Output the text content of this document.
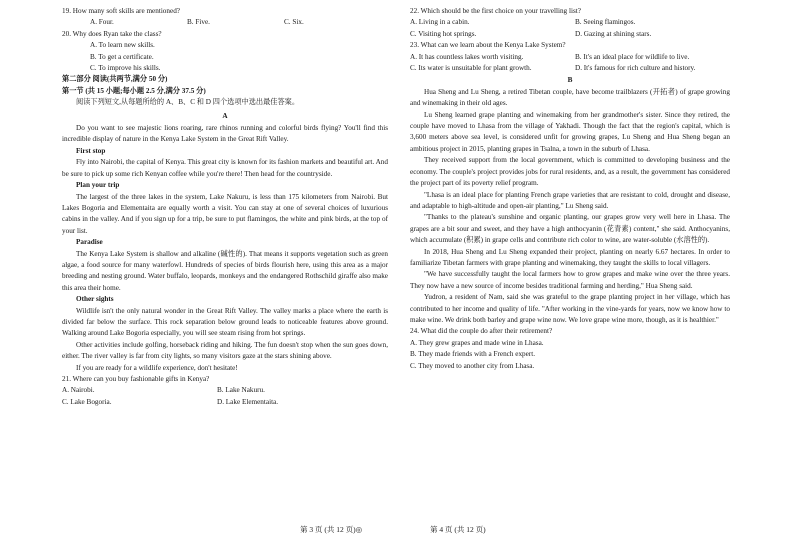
19. How many soft skills are mentioned?
A. Four.	B. Five.	C. Six.
20. Why does Ryan take the class?
A. To learn new skills.
B. To get a certificate.
C. To improve his skills.
第二部分 阅读(共两节,满分 50 分)
第一节 (共 15 小题;每小题 2.5 分,满分 37.5 分)
阅读下列短文,从每题所给的 A、B、C 和 D 四个选项中选出最佳答案。
A

Do you want to see majestic lions roaring, rare rhinos running and colorful birds flying? You'll find this incredible display of nature in the Kenya Lake System in the Great Rift Valley.

First stop

Fly into Nairobi, the capital of Kenya. This great city is known for its fashion markets and beautiful art. And be sure to pick up some rich Kenyan coffee while you're there! Then head for the countryside.

Plan your trip

The largest of the three lakes in the system, Lake Nakuru, is less than 175 kilometers from Nairobi. But Lakes Bogoria and Elementaita are equally worth a visit. You can stay at one of several choices of luxurious cabins in the valley. And if you sign up for a trip, be sure to put flamingos, the white and pink birds, at the top of your list.

Paradise

The Kenya Lake System is shallow and alkaline (碱性的). That means it supports vegetation such as green algae, a food source for many waterfowl. Hundreds of species of birds flourish here, using this area as a major breeding and nesting ground. Water buffalo, leopards, monkeys and the endangered Rothschild giraffe also make this area their home.

Other sights

Wildlife isn't the only natural wonder in the Great Rift Valley. The valley marks a place where the earth is divided far below the surface. This rock separation below ground leads to noticeable features above ground. Walking around Lake Bogoria especially, you will see steam rising from hot springs.

Other activities include golfing, horseback riding and hiking. The fun doesn't stop when the sun goes down, either. The river valley is far from city lights, so many visitors gaze at the stars shining above.

If you are ready for a wildlife experience, don't hesitate!

21. Where can you buy fashionable gifts in Kenya?
A. Nairobi.	B. Lake Nakuru.
C. Lake Bogoria.	D. Lake Elementaita.
22. Which should be the first choice on your travelling list?
A. Living in a cabin.	B. Seeing flamingos.
C. Visiting hot springs.	D. Gazing at shining stars.
23. What can we learn about the Kenya Lake System?
A. It has countless lakes worth visiting.	B. It's an ideal place for wildlife to live.
C. Its water is unsuitable for plant growth.	D. It's famous for rich culture and history.
B

Hua Sheng and Lu Sheng, a retired Tibetan couple, have become trailblazers (开拓者) of grape growing and winemaking in their old ages.

Lu Sheng learned grape planting and winemaking from her grandmother's sister. Since they retired, the couple have moved to Lhasa from the village of Yakhadi. Though the fact that the region's capital, which is 3,600 meters above sea level, is considered unfit for growing grapes, Lu Sheng and Hua Sheng began an ambitious project in 2015, planting grapes in Tsalna, a town in the suburb of Lhasa.

They received support from the local government, which is committed to developing business and the economy. The couple's project provides jobs for rural residents, and, as a result, the government has considered the project part of its poverty relief program.

"Lhasa is an ideal place for planting French grape varieties that are resistant to cold, drought and disease, and adaptable to high-altitude and open-air planting," Lu Sheng said.

"Thanks to the plateau's sunshine and organic planting, our grapes grow very well here in Lhasa. The grapes are a bit sour and sweet, and they have a high anthocyanin (花青素) content," she said. Anthocyanins, which accumulate (积累) in grape cells and contribute rich color to wine, are water-soluble (水溶性的).

In 2018, Hua Sheng and Lu Sheng expanded their project, planting on nearly 6.67 hectares. In order to familiarize Tibetan farmers with grape planting and winemaking, they taught the skills to local villagers.

"We have successfully taught the local farmers how to grow grapes and make wine over the three years. They now have a new source of income besides traditional farming and herding," Hua Sheng said.

Yudron, a resident of Nam, said she was grateful to the grape planting project in her village, which has contributed to her income and quality of life. "After working in the vine-yards for years, now we know how to make wine. We drink both barley and grape wine now. We love grape wine more, though, as it is healthier."

24. What did the couple do after their retirement?
A. They grew grapes and made wine in Lhasa.
B. They made friends with a French expert.
C. They moved to another city from Lhasa.
第 3 页 (共 12 页)◎	第 4 页 (共 12 页)
